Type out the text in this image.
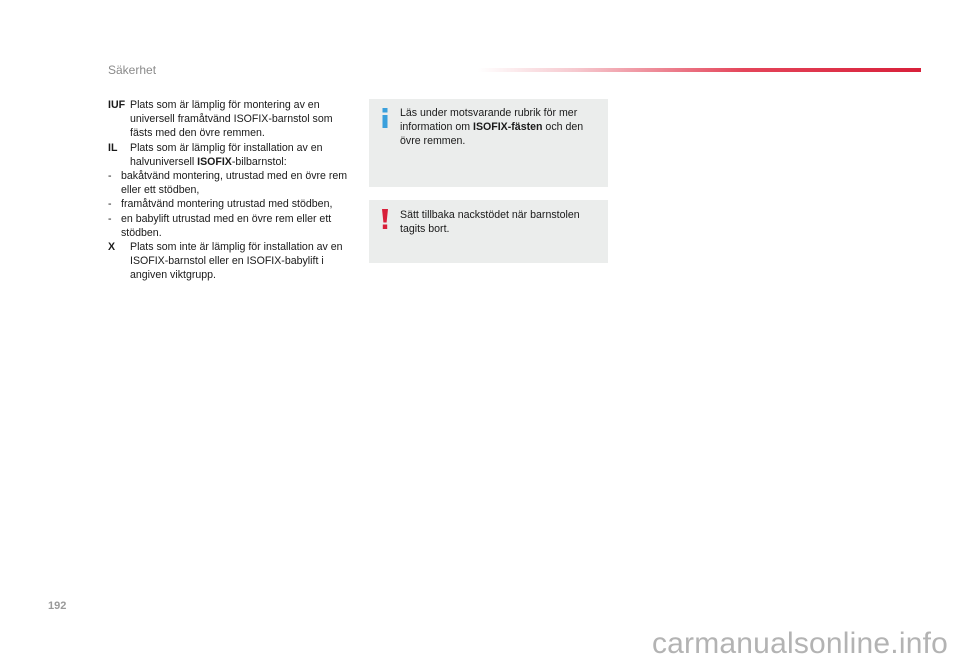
Säkerhet
IUF Plats som är lämplig för montering av en universell framåtvänd ISOFIX-barnstol som fästs med den övre remmen.
IL	Plats som är lämplig för installation av en halvuniversell ISOFIX-bilbarnstol:
- bakåtvänd montering, utrustad med en övre rem eller ett stödben,
- framåtvänd montering utrustad med stödben,
- en babylift utrustad med en övre rem eller ett stödben.
X	Plats som inte är lämplig för installation av en ISOFIX-barnstol eller en ISOFIX-babylift i angiven viktgrupp.
Läs under motsvarande rubrik för mer information om ISOFIX-fästen och den övre remmen.
Sätt tillbaka nackstödet när barnstolen tagits bort.
192
carmanualsonline.info
